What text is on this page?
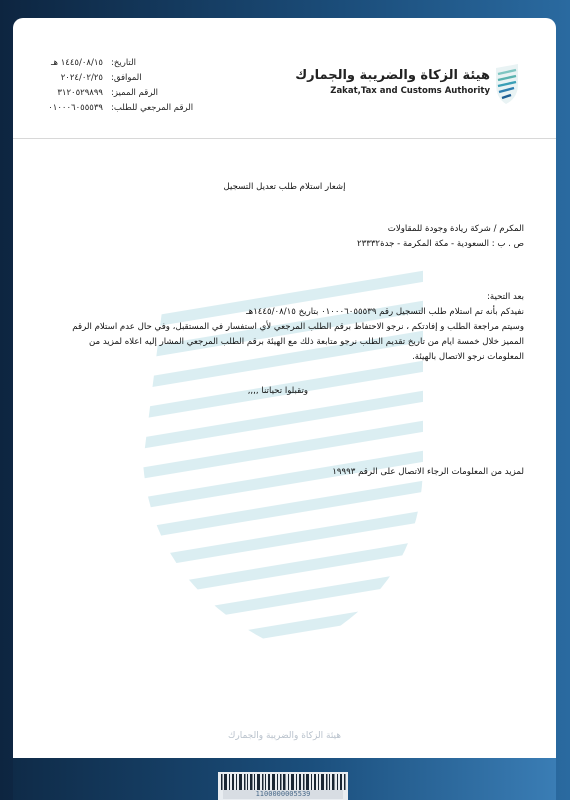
هيئة الزكاة والضريبة والجمارك
Zakat,Tax and Customs Authority
التاريخ:
الموافق:
الرقم المميز:
الرقم المرجعي للطلب:
١٤٤٥/٠٨/١٥ هـ
٢٠٢٤/٠٢/٢٥
٣١٢٠٥٢٩٨٩٩
٠١٠٠٠٦٠٥٥٥٣٩
إشعار استلام طلب تعديل التسجيل
المكرم / شركة ريادة وجودة للمقاولات
ص . ب : السعودية - مكة المكرمة - جدة٢٣٣٣٢
بعد التحية:
نفيدكم بأنه تم استلام طلب التسجيل رقم ٠١٠٠٠٦٠٥٥٥٣٩ بتاريخ ١٤٤٥/٠٨/١٥هـ
وسيتم مراجعة الطلب و إفادتكم ، نرجو الاحتفاظ برقم الطلب المرجعي لأي استفسار في المستقبل، وفي حال عدم استلام الرقم المميز خلال خمسة ايام من تاريخ تقديم الطلب نرجو متابعة ذلك مع الهيئة برقم الطلب المرجعي المشار إليه اعلاه لمزيد من المعلومات نرجو الاتصال بالهيئة.
وتقبلوا تحياتنا ,,,,
لمزيد من المعلومات الرجاء الاتصال على الرقم ١٩٩٩٣
هيئة الزكاة والضريبة والجمارك
1100000005539
